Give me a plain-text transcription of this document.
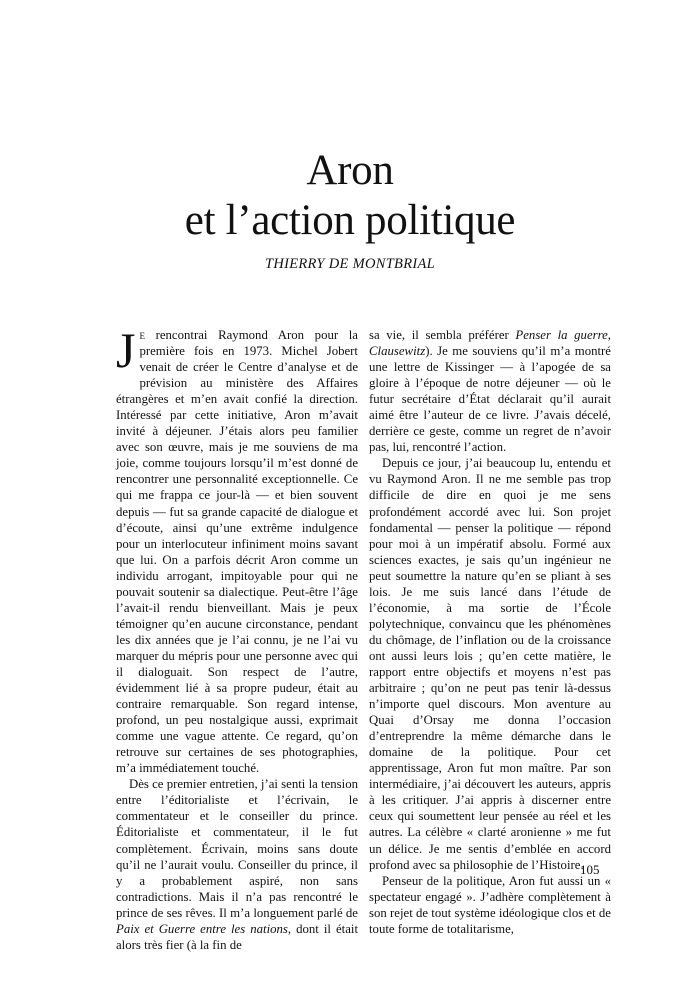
Aron
et l’action politique
THIERRY DE MONTBRIAL

Je rencontrai Raymond Aron pour la première fois en 1973. Michel Jobert venait de créer le Centre d’analyse et de prévision au ministère des Affaires étrangères et m’en avait confié la direction. Intéressé par cette initiative, Aron m’avait invité à déjeuner. J’étais alors peu familier avec son œuvre, mais je me souviens de ma joie, comme toujours lorsqu’il m’est donné de rencontrer une personnalité exceptionnelle. Ce qui me frappa ce jour-là — et bien souvent depuis — fut sa grande capacité de dialogue et d’écoute, ainsi qu’une extrême indulgence pour un interlocuteur infiniment moins savant que lui. On a parfois décrit Aron comme un individu arrogant, impitoyable pour qui ne pouvait soutenir sa dialectique. Peut-être l’âge l’avait-il rendu bienveillant. Mais je peux témoigner qu’en aucune circonstance, pendant les dix années que je l’ai connu, je ne l’ai vu marquer du mépris pour une personne avec qui il dialoguait. Son respect de l’autre, évidemment lié à sa propre pudeur, était au contraire remarquable. Son regard intense, profond, un peu nostalgique aussi, exprimait comme une vague attente. Ce regard, qu’on retrouve sur certaines de ses photographies, m’a immédiatement touché.

Dès ce premier entretien, j’ai senti la tension entre l’éditorialiste et l’écrivain, le commentateur et le conseiller du prince. Éditorialiste et commentateur, il le fut complètement. Écrivain, moins sans doute qu’il ne l’aurait voulu. Conseiller du prince, il y a probablement aspiré, non sans contradictions. Mais il n’a pas rencontré le prince de ses rêves. Il m’a longuement parlé de Paix et Guerre entre les nations, dont il était alors très fier (à la fin de

sa vie, il sembla préférer Penser la guerre, Clausewitz). Je me souviens qu’il m’a montré une lettre de Kissinger — à l’apogée de sa gloire à l’époque de notre déjeuner — où le futur secrétaire d’État déclarait qu’il aurait aimé être l’auteur de ce livre. J’avais décelé, derrière ce geste, comme un regret de n’avoir pas, lui, rencontré l’action.

Depuis ce jour, j’ai beaucoup lu, entendu et vu Raymond Aron. Il ne me semble pas trop difficile de dire en quoi je me sens profondément accordé avec lui. Son projet fondamental — penser la politique — répond pour moi à un impératif absolu. Formé aux sciences exactes, je sais qu’un ingénieur ne peut soumettre la nature qu’en se pliant à ses lois. Je me suis lancé dans l’étude de l’économie, à ma sortie de l’École polytechnique, convaincu que les phénomènes du chômage, de l’inflation ou de la croissance ont aussi leurs lois ; qu’en cette matière, le rapport entre objectifs et moyens n’est pas arbitraire ; qu’on ne peut pas tenir là-dessus n’importe quel discours. Mon aventure au Quai d’Orsay me donna l’occasion d’entreprendre la même démarche dans le domaine de la politique. Pour cet apprentissage, Aron fut mon maître. Par son intermédiaire, j’ai découvert les auteurs, appris à les critiquer. J’ai appris à discerner entre ceux qui soumettent leur pensée au réel et les autres. La célèbre « clarté aronienne » me fut un délice. Je me sentis d’emblée en accord profond avec sa philosophie de l’Histoire.

Penseur de la politique, Aron fut aussi un « spectateur engagé ». J’adhère complètement à son rejet de tout système idéologique clos et de toute forme de totalitarisme,

105
